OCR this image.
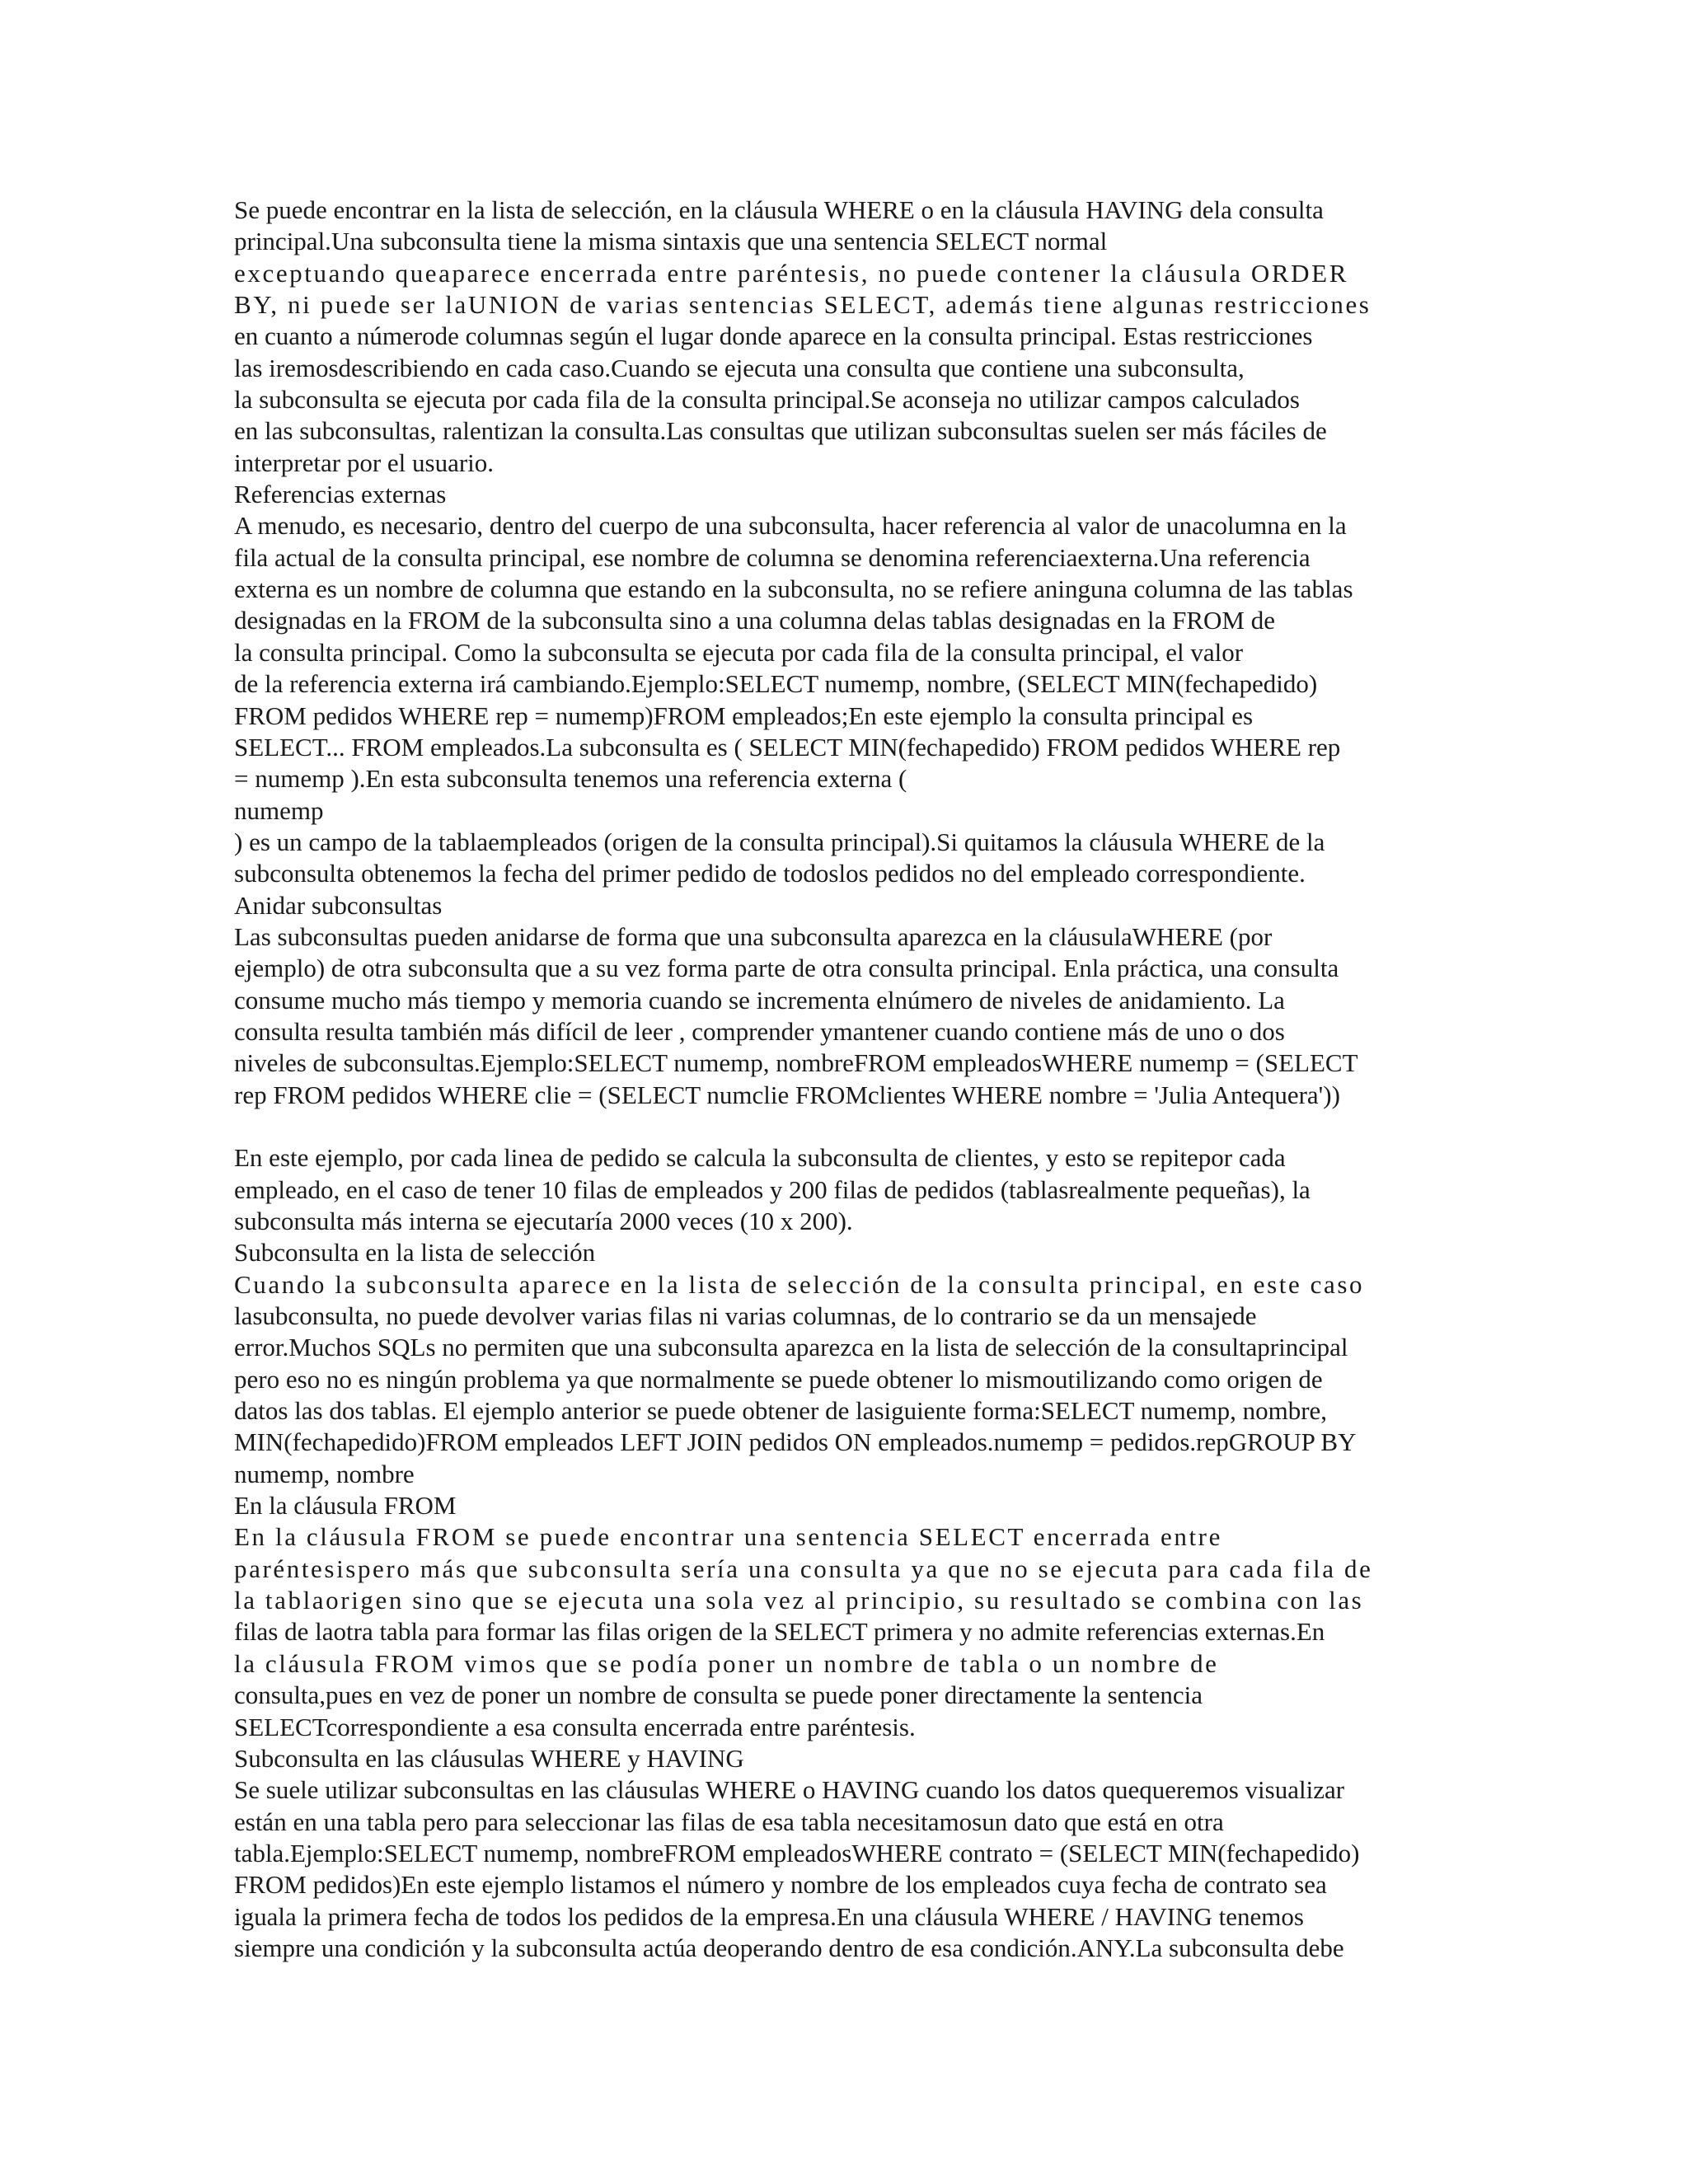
Se puede encontrar en la lista de selección, en la cláusula WHERE o en la cláusula HAVING dela consulta
principal.Una subconsulta tiene la misma sintaxis que una sentencia SELECT normal
exceptuando queaparece encerrada entre paréntesis, no puede contener la cláusula ORDER
BY, ni puede ser laUNION de varias sentencias SELECT, además tiene algunas restricciones
en cuanto a númerode columnas según el lugar donde aparece en la consulta principal. Estas restricciones
las iremosdescribiendo en cada caso.Cuando se ejecuta una consulta que contiene una subconsulta,
la subconsulta se ejecuta por cada fila de la consulta principal.Se aconseja no utilizar campos calculados
en las subconsultas, ralentizan la consulta.Las consultas que utilizan subconsultas suelen ser más fáciles de
interpretar por el usuario.
Referencias externas
A menudo, es necesario, dentro del cuerpo de una subconsulta, hacer referencia al valor de unacolumna en la
fila actual de la consulta principal, ese nombre de columna se denomina referenciaexterna.Una referencia
externa es un nombre de columna que estando en la subconsulta, no se refiere aninguna columna de las tablas
designadas en la FROM de la subconsulta sino a una columna delas tablas designadas en la FROM de
la consulta principal. Como la subconsulta se ejecuta por cada fila de la consulta principal, el valor
de la referencia externa irá cambiando.Ejemplo:SELECT numemp, nombre, (SELECT MIN(fechapedido)
FROM pedidos WHERE rep = numemp)FROM empleados;En este ejemplo la consulta principal es
SELECT... FROM empleados.La subconsulta es ( SELECT MIN(fechapedido) FROM pedidos WHERE rep
= numemp ).En esta subconsulta tenemos una referencia externa (
numemp
) es un campo de la tablaempleados (origen de la consulta principal).Si quitamos la cláusula WHERE de la
subconsulta obtenemos la fecha del primer pedido de todoslos pedidos no del empleado correspondiente.
Anidar subconsultas
Las subconsultas pueden anidarse de forma que una subconsulta aparezca en la cláusulaWHERE (por
ejemplo) de otra subconsulta que a su vez forma parte de otra consulta principal. Enla práctica, una consulta
consume mucho más tiempo y memoria cuando se incrementa elnúmero de niveles de anidamiento. La
consulta resulta también más difícil de leer , comprender ymantener cuando contiene más de uno o dos
niveles de subconsultas.Ejemplo:SELECT numemp, nombreFROM empleadosWHERE numemp = (SELECT
rep FROM pedidos WHERE clie = (SELECT numclie FROMclientes WHERE nombre = 'Julia Antequera'))
En este ejemplo, por cada linea de pedido se calcula la subconsulta de clientes, y esto se repitepor cada
empleado, en el caso de tener 10 filas de empleados y 200 filas de pedidos (tablasrealmente pequeñas), la
subconsulta más interna se ejecutaría 2000 veces (10 x 200).
Subconsulta en la lista de selección
Cuando la subconsulta aparece en la lista de selección de la consulta principal, en este caso
lasubconsulta, no puede devolver varias filas ni varias columnas, de lo contrario se da un mensajede
error.Muchos SQLs no permiten que una subconsulta aparezca en la lista de selección de la consultaprincipal
pero eso no es ningún problema ya que normalmente se puede obtener lo mismoutilizando como origen de
datos las dos tablas. El ejemplo anterior se puede obtener de lasiguiente forma:SELECT numemp, nombre,
MIN(fechapedido)FROM empleados LEFT JOIN pedidos ON empleados.numemp = pedidos.repGROUP BY
numemp, nombre
En la cláusula FROM
En la cláusula FROM se puede encontrar una sentencia SELECT encerrada entre
paréntesispero más que subconsulta sería una consulta ya que no se ejecuta para cada fila de
la tablaorigen sino que se ejecuta una sola vez al principio, su resultado se combina con las
filas de laotra tabla para formar las filas origen de la SELECT primera y no admite referencias externas.En
la cláusula FROM vimos que se podía poner un nombre de tabla o un nombre de
consulta,pues en vez de poner un nombre de consulta se puede poner directamente la sentencia
SELECTcorrespondiente a esa consulta encerrada entre paréntesis.
Subconsulta en las cláusulas WHERE y HAVING
Se suele utilizar subconsultas en las cláusulas WHERE o HAVING cuando los datos quequeremos visualizar
están en una tabla pero para seleccionar las filas de esa tabla necesitamosun dato que está en otra
tabla.Ejemplo:SELECT numemp, nombreFROM empleadosWHERE contrato = (SELECT MIN(fechapedido)
FROM pedidos)En este ejemplo listamos el número y nombre de los empleados cuya fecha de contrato sea
iguala la primera fecha de todos los pedidos de la empresa.En una cláusula WHERE / HAVING tenemos
siempre una condición y la subconsulta actúa deoperando dentro de esa condición.ANY.La subconsulta debe
